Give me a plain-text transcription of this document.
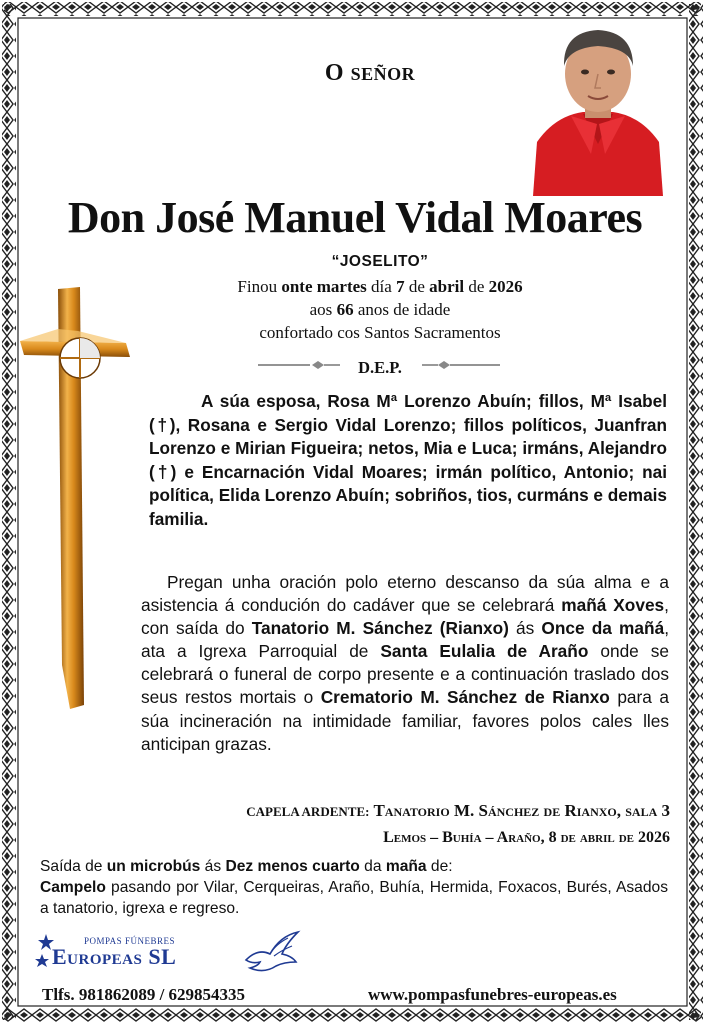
O SEÑOR
Don José Manuel Vidal Moares
“JOSELITO”
Finou onte martes día 7 de abril de 2026
aos 66 anos de idade
confortado cos Santos Sacramentos
D.E.P.
A súa esposa, Rosa Mª Lorenzo Abuín; fillos, Mª Isabel (†), Rosana e Sergio Vidal Lorenzo; fillos políticos, Juanfran Lorenzo e Mirian Figueira; netos, Mia e Luca; irmáns, Alejandro (†) e Encarnación Vidal Moares; irmán político, Antonio; nai política, Elida Lorenzo Abuín; sobriños, tios, curmáns e demais familia.
Pregan unha oración polo eterno descanso da súa alma e a asistencia á condución do cadáver que se celebrará mañá Xoves, con saída do Tanatorio M. Sánchez (Rianxo) ás Once da mañá, ata a Igrexa Parroquial de Santa Eulalia de Araño onde se celebrará o funeral de corpo presente e a continuación traslado dos seus restos mortais o Crematorio M. Sánchez de Rianxo para a súa incineración na intimidade familiar, favores polos cales lles anticipan grazas.
CAPELA ARDENTE: Tanatorio M. Sánchez de Rianxo, sala 3
Lemos – Buhía – Araño, 8 de abril de 2026
Saída de un microbús ás Dez menos cuarto da maña de:
Campelo pasando por Vilar, Cerqueiras, Araño, Buhía, Hermida, Foxacos, Burés, Asados a tanatorio, igrexa e regreso.
POMPAS FÚNEBRES
Europeas SL
Tlfs. 981862089 / 629854335	www.pompasfunebres-europeas.es
